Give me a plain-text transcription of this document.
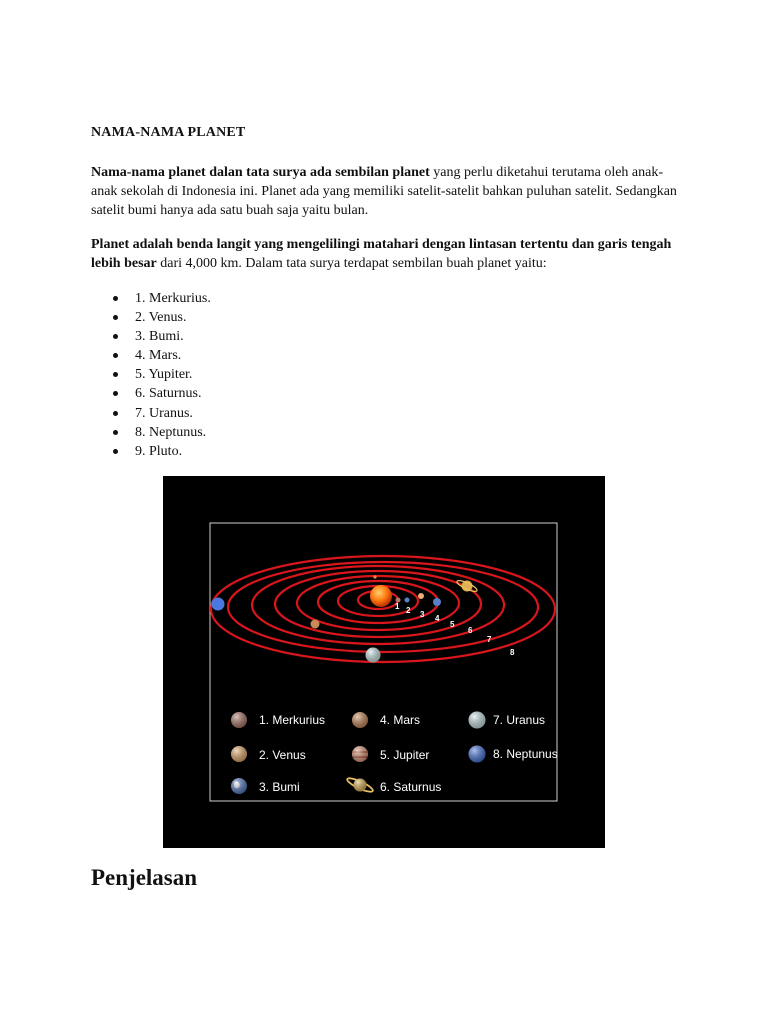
NAMA-NAMA PLANET

Nama-nama planet dalan tata surya ada sembilan planet yang perlu diketahui terutama oleh anak-anak sekolah di Indonesia ini. Planet ada yang memiliki satelit-satelit bahkan puluhan satelit. Sedangkan satelit bumi hanya ada satu buah saja yaitu bulan.

Planet adalah benda langit yang mengelilingi matahari dengan lintasan tertentu dan garis tengah lebih besar dari 4,000 km. Dalam tata surya terdapat sembilan buah planet yaitu:

1. Merkurius.
2. Venus.
3. Bumi.
4. Mars.
5. Yupiter.
6. Saturnus.
7. Uranus.
8. Neptunus.
9. Pluto.
1 2 3 4
5
6
7
8
1. Merkurius	4. Mars	7. Uranus
2. Venus	5. Jupiter	8. Neptunus
3. Bumi	6. Saturnus
Penjelasan
